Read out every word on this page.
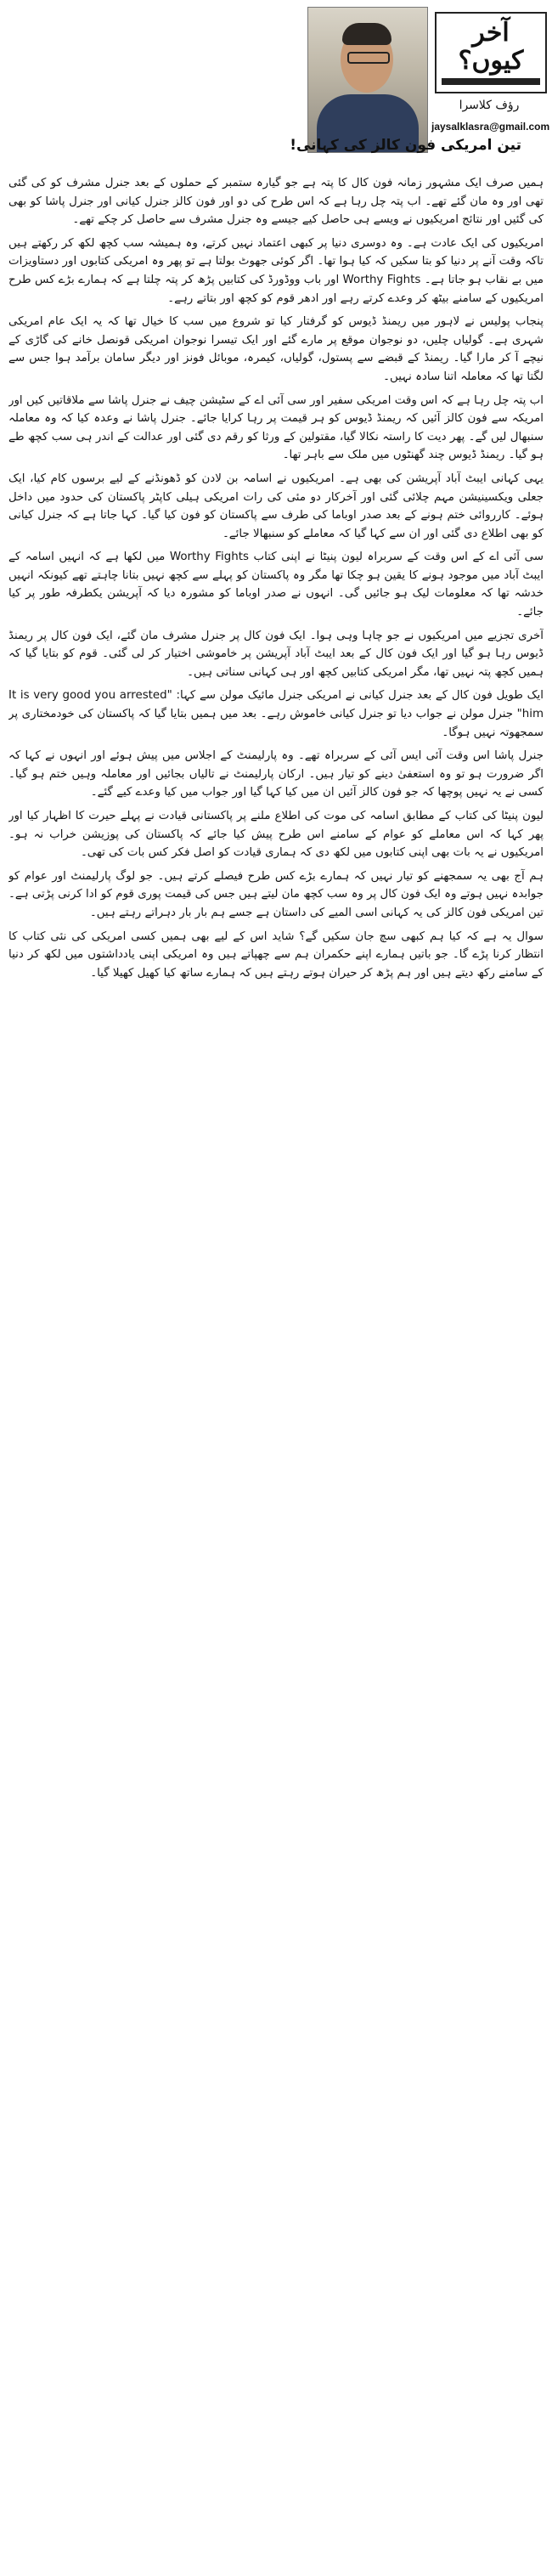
آخر کیوں؟
رؤف کلاسرا
jaysalklasra@gmail.com
تین امریکی فون کالز کی کہانی!

ہمیں صرف ایک مشہور زمانہ فون کال کا پتہ ہے جو گیارہ ستمبر کے حملوں کے بعد جنرل مشرف کو کی گئی تھی اور وہ مان گئے تھے۔ اب پتہ چل رہا ہے کہ اس طرح کی دو اور فون کالز جنرل کیانی اور جنرل پاشا کو بھی کی گئیں اور نتائج امریکیوں نے ویسے ہی حاصل کیے جیسے وہ جنرل مشرف سے حاصل کر چکے تھے۔

امریکیوں کی ایک عادت ہے۔ وہ دوسری دنیا پر کبھی اعتماد نہیں کرتے، وہ ہمیشہ سب کچھ لکھ کر رکھتے ہیں تاکہ وقت آنے پر دنیا کو بتا سکیں کہ کیا ہوا تھا۔ اگر کوئی جھوٹ بولتا ہے تو پھر وہ امریکی کتابوں اور دستاویزات میں بے نقاب ہو جاتا ہے۔ Worthy Fights اور باب ووڈورڈ کی کتابیں پڑھ کر پتہ چلتا ہے کہ ہمارے بڑے کس طرح امریکیوں کے سامنے بیٹھ کر وعدے کرتے رہے اور ادھر قوم کو کچھ اور بتاتے رہے۔

پنجاب پولیس نے لاہور میں ریمنڈ ڈیوس کو گرفتار کیا تو شروع میں سب کا خیال تھا کہ یہ ایک عام امریکی شہری ہے۔ گولیاں چلیں، دو نوجوان موقع پر مارے گئے اور ایک تیسرا نوجوان امریکی قونصل خانے کی گاڑی کے نیچے آ کر مارا گیا۔ ریمنڈ کے قبضے سے پستول، گولیاں، کیمرہ، موبائل فونز اور دیگر سامان برآمد ہوا جس سے لگتا تھا کہ معاملہ اتنا سادہ نہیں۔

اب پتہ چل رہا ہے کہ اس وقت امریکی سفیر اور سی آئی اے کے سٹیشن چیف نے جنرل پاشا سے ملاقاتیں کیں اور امریکہ سے فون کالز آئیں کہ ریمنڈ ڈیوس کو ہر قیمت پر رہا کرایا جائے۔ جنرل پاشا نے وعدہ کیا کہ وہ معاملہ سنبھال لیں گے۔ پھر دیت کا راستہ نکالا گیا، مقتولین کے ورثا کو رقم دی گئی اور عدالت کے اندر ہی سب کچھ طے ہو گیا۔ ریمنڈ ڈیوس چند گھنٹوں میں ملک سے باہر تھا۔

یہی کہانی ایبٹ آباد آپریشن کی بھی ہے۔ امریکیوں نے اسامہ بن لادن کو ڈھونڈنے کے لیے برسوں کام کیا، ایک جعلی ویکسینیشن مہم چلائی گئی اور آخرکار دو مئی کی رات امریکی ہیلی کاپٹر پاکستان کی حدود میں داخل ہوئے۔ کارروائی ختم ہونے کے بعد صدر اوباما کی طرف سے پاکستان کو فون کیا گیا۔ کہا جاتا ہے کہ جنرل کیانی کو بھی اطلاع دی گئی اور ان سے کہا گیا کہ معاملے کو سنبھالا جائے۔

سی آئی اے کے اس وقت کے سربراہ لیون پنیٹا نے اپنی کتاب Worthy Fights میں لکھا ہے کہ انہیں اسامہ کے ایبٹ آباد میں موجود ہونے کا یقین ہو چکا تھا مگر وہ پاکستان کو پہلے سے کچھ نہیں بتانا چاہتے تھے کیونکہ انہیں خدشہ تھا کہ معلومات لیک ہو جائیں گی۔ انہوں نے صدر اوباما کو مشورہ دیا کہ آپریشن یکطرفہ طور پر کیا جائے۔

آخری تجزیے میں امریکیوں نے جو چاہا وہی ہوا۔ ایک فون کال پر جنرل مشرف مان گئے، ایک فون کال پر ریمنڈ ڈیوس رہا ہو گیا اور ایک فون کال کے بعد ایبٹ آباد آپریشن پر خاموشی اختیار کر لی گئی۔ قوم کو بتایا گیا کہ ہمیں کچھ پتہ نہیں تھا، مگر امریکی کتابیں کچھ اور ہی کہانی سناتی ہیں۔

ایک طویل فون کال کے بعد جنرل کیانی نے امریکی جنرل مائیک مولن سے کہا: "It is very good you arrested him" جنرل مولن نے جواب دیا تو جنرل کیانی خاموش رہے۔ بعد میں ہمیں بتایا گیا کہ پاکستان کی خودمختاری پر سمجھوتہ نہیں ہوگا۔

جنرل پاشا اس وقت آئی ایس آئی کے سربراہ تھے۔ وہ پارلیمنٹ کے اجلاس میں پیش ہوئے اور انہوں نے کہا کہ اگر ضرورت ہو تو وہ استعفیٰ دینے کو تیار ہیں۔ ارکان پارلیمنٹ نے تالیاں بجائیں اور معاملہ وہیں ختم ہو گیا۔ کسی نے یہ نہیں پوچھا کہ جو فون کالز آئیں ان میں کیا کہا گیا اور جواب میں کیا وعدے کیے گئے۔

لیون پنیٹا کی کتاب کے مطابق اسامہ کی موت کی اطلاع ملنے پر پاکستانی قیادت نے پہلے حیرت کا اظہار کیا اور پھر کہا کہ اس معاملے کو عوام کے سامنے اس طرح پیش کیا جائے کہ پاکستان کی پوزیشن خراب نہ ہو۔ امریکیوں نے یہ بات بھی اپنی کتابوں میں لکھ دی کہ ہماری قیادت کو اصل فکر کس بات کی تھی۔

ہم آج بھی یہ سمجھنے کو تیار نہیں کہ ہمارے بڑے کس طرح فیصلے کرتے ہیں۔ جو لوگ پارلیمنٹ اور عوام کو جوابدہ نہیں ہوتے وہ ایک فون کال پر وہ سب کچھ مان لیتے ہیں جس کی قیمت پوری قوم کو ادا کرنی پڑتی ہے۔ تین امریکی فون کالز کی یہ کہانی اسی المیے کی داستان ہے جسے ہم بار بار دہراتے رہتے ہیں۔

سوال یہ ہے کہ کیا ہم کبھی سچ جان سکیں گے؟ شاید اس کے لیے بھی ہمیں کسی امریکی کی نئی کتاب کا انتظار کرنا پڑے گا۔ جو باتیں ہمارے اپنے حکمران ہم سے چھپاتے ہیں وہ امریکی اپنی یادداشتوں میں لکھ کر دنیا کے سامنے رکھ دیتے ہیں اور ہم پڑھ کر حیران ہوتے رہتے ہیں کہ ہمارے ساتھ کیا کھیل کھیلا گیا۔
